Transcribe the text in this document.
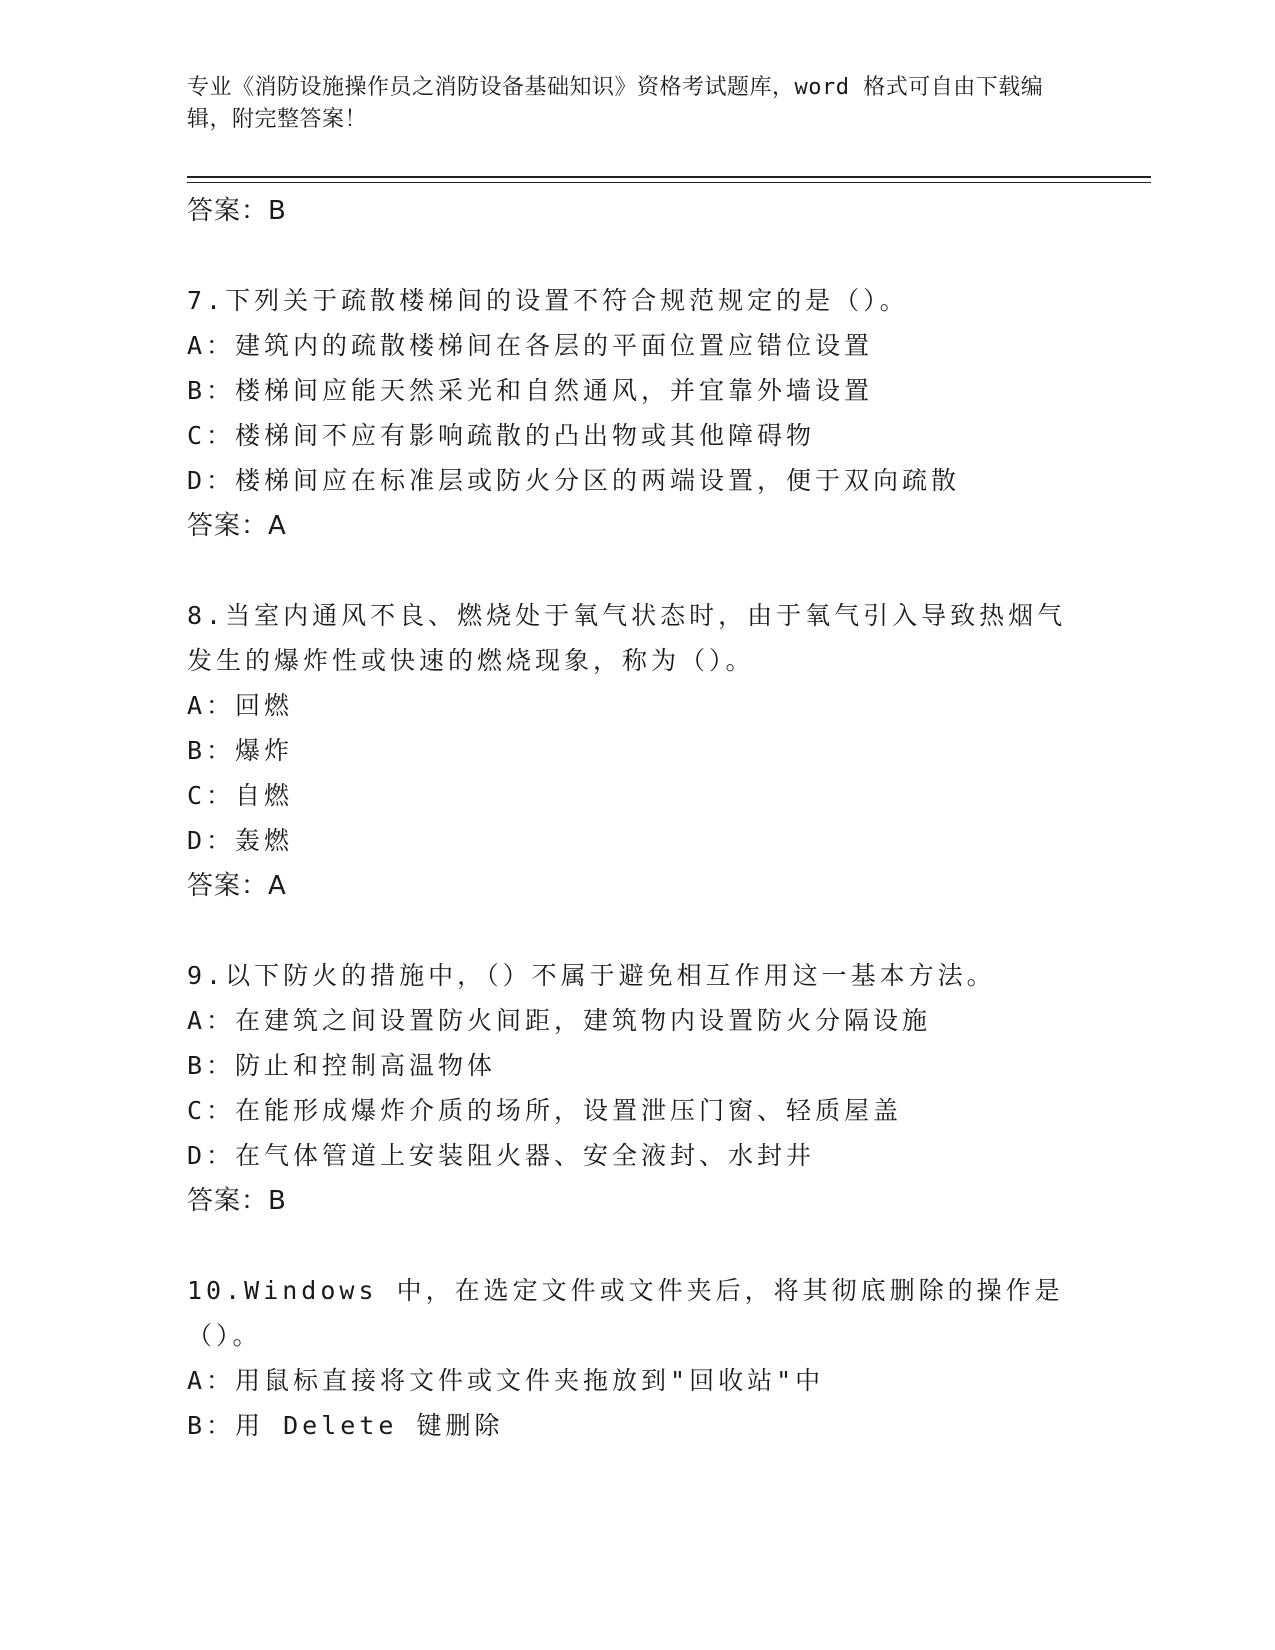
专业《消防设施操作员之消防设备基础知识》资格考试题库，word 格式可自由下载编辑，附完整答案！
答案：B
7.下列关于疏散楼梯间的设置不符合规范规定的是（）。
A：建筑内的疏散楼梯间在各层的平面位置应错位设置
B：楼梯间应能天然采光和自然通风，并宜靠外墙设置
C：楼梯间不应有影响疏散的凸出物或其他障碍物
D：楼梯间应在标准层或防火分区的两端设置，便于双向疏散
答案：A
8.当室内通风不良、燃烧处于氧气状态时，由于氧气引入导致热烟气发生的爆炸性或快速的燃烧现象，称为（）。
A：回燃
B：爆炸
C：自燃
D：轰燃
答案：A
9.以下防火的措施中，（）不属于避免相互作用这一基本方法。
A：在建筑之间设置防火间距，建筑物内设置防火分隔设施
B：防止和控制高温物体
C：在能形成爆炸介质的场所，设置泄压门窗、轻质屋盖
D：在气体管道上安装阻火器、安全液封、水封井
答案：B
10.Windows 中，在选定文件或文件夹后，将其彻底删除的操作是（）。
A：用鼠标直接将文件或文件夹拖放到"回收站"中
B：用 Delete 键删除
